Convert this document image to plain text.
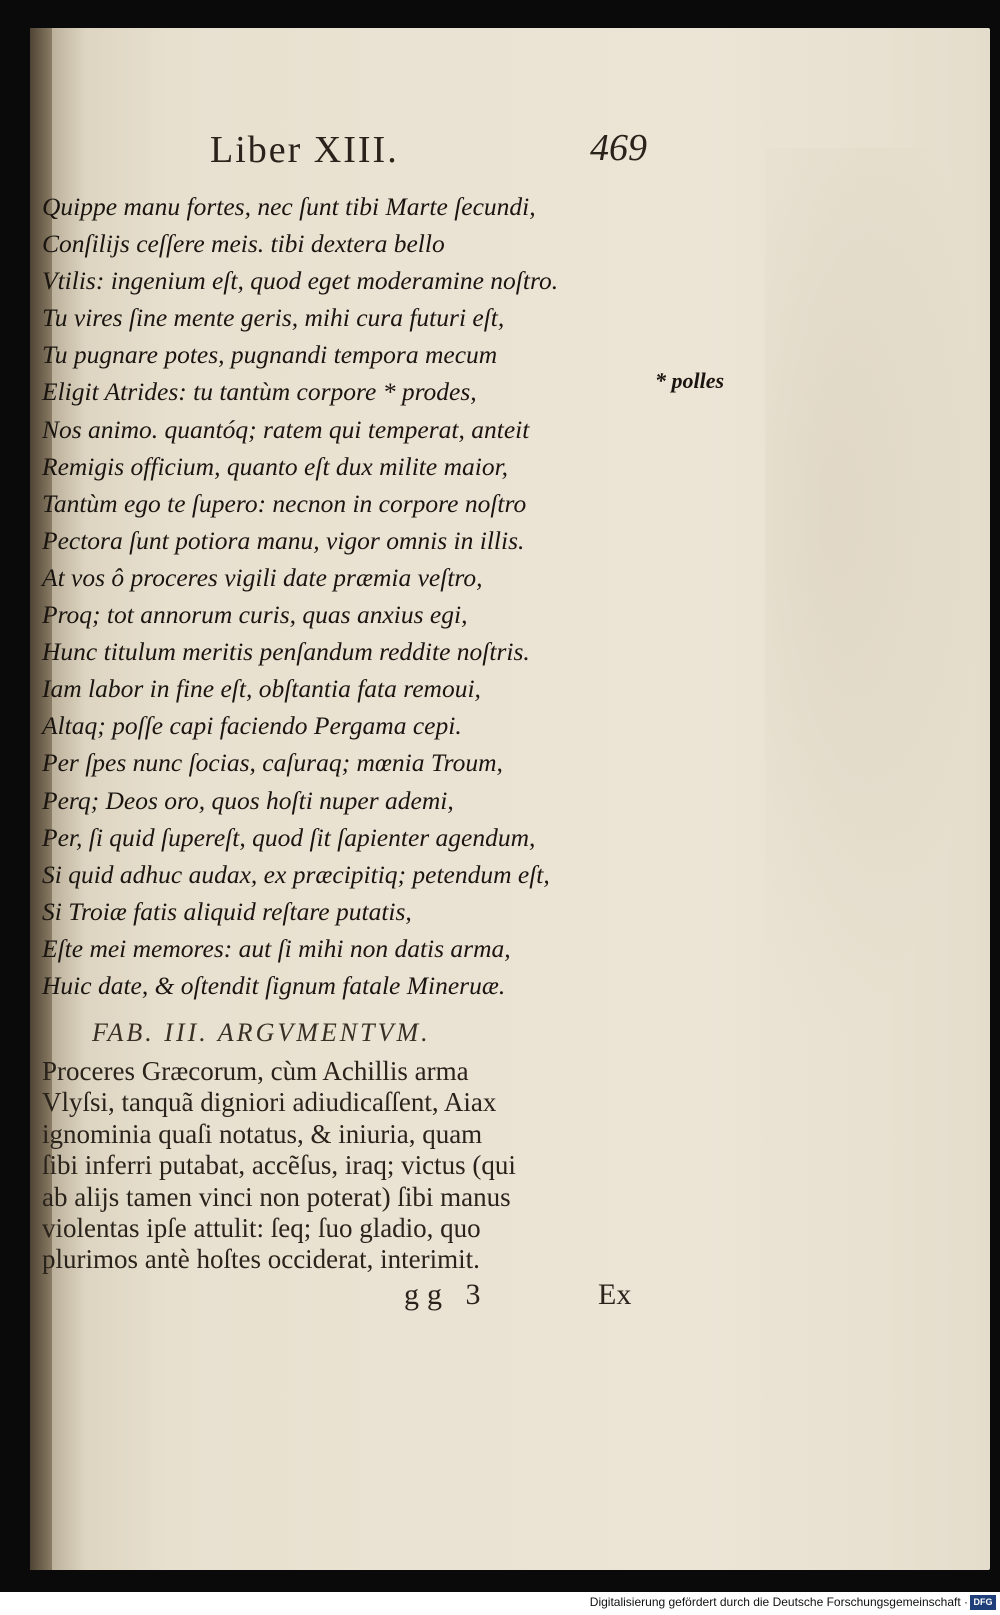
Liber XIII.	469
Quippe manu fortes, nec ſunt tibi Marte ſecundi,
Conſilijs ceſſere meis. tibi dextera bello
Vtilis: ingenium eſt, quod eget moderamine noſtro.
Tu vires ſine mente geris, mihi cura futuri eſt,
Tu pugnare potes, pugnandi tempora mecum
Eligit Atrides: tu tantùm corpore * prodes,
Nos animo. quantóq; ratem qui temperat, anteit
Remigis officium, quanto eſt dux milite maior,
Tantùm ego te ſupero: necnon in corpore noſtro
Pectora ſunt potiora manu, vigor omnis in illis.
At vos ô proceres vigili date præmia veſtro,
Proq; tot annorum curis, quas anxius egi,
Hunc titulum meritis penſandum reddite noſtris.
Iam labor in fine eſt, obſtantia fata remoui,
Altaq; poſſe capi faciendo Pergama cepi.
Per ſpes nunc ſocias, caſuraq; mœnia Troum,
Perq; Deos oro, quos hoſti nuper ademi,
Per, ſi quid ſupereſt, quod ſit ſapienter agendum,
Si quid adhuc audax, ex præcipitiq; petendum eſt,
Si Troiæ fatis aliquid reſtare putatis,
Eſte mei memores: aut ſi mihi non datis arma,
Huic date, & oſtendit ſignum fatale Mineruæ.
* polles
FAB. III. ARGVMENTVM.
Proceres Græcorum, cùm Achillis arma
Vlyſsi, tanquã digniori adiudicaſſent, Aiax
ignominia quaſi notatus, & iniuria, quam
ſibi inferri putabat, accẽſus, iraq; victus (qui
ab alijs tamen vinci non poterat) ſibi manus
violentas ipſe attulit: ſeq; ſuo gladio, quo
plurimos antè hoſtes occiderat, interimit.
gg 3	Ex
Digitalisierung gefördert durch die Deutsche Forschungsgemeinschaft · DFG
